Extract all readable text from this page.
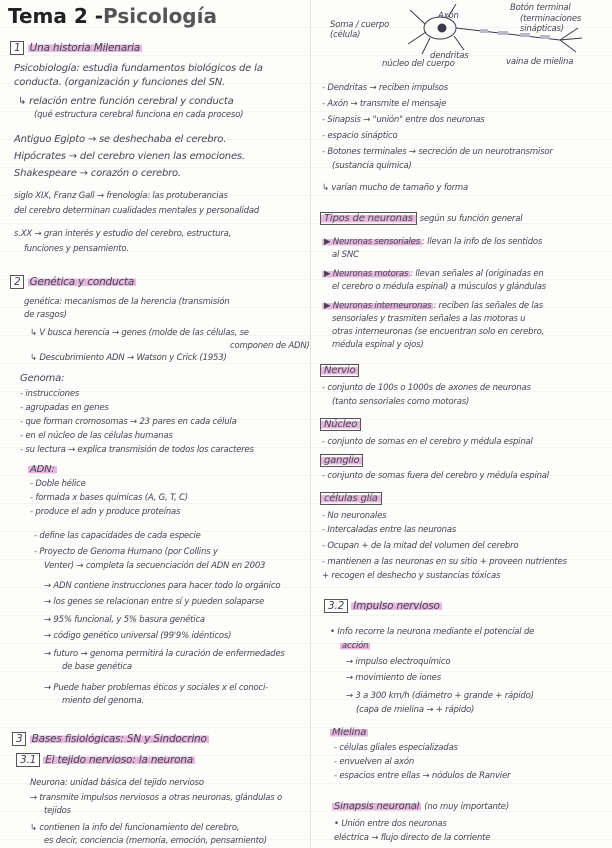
Tema 2 -Psicología
1 Una historia Milenaria
Psicobiología: estudia fundamentos biológicos de la
conducta. (organización y funciones del SN.
↳ relación entre función cerebral y conducta
(qué estructura cerebral funciona en cada proceso)
Antiguo Egipto → se deshechaba el cerebro.
Hipócrates → del cerebro vienen las emociones.
Shakespeare → corazón o cerebro.
siglo XIX, Franz Gall → frenología: las protuberancias
del cerebro determinan cualidades mentales y personalidad
s.XX → gran interés y estudio del cerebro, estructura,
funciones y pensamiento.
2 Genética y conducta
genética: mecanismos de la herencia (transmisión
de rasgos)
↳ V busca herencia → genes (molde de las células, se
componen de ADN)
↳ Descubrimiento ADN → Watson y Crick (1953)
Genoma:
- instrucciones
- agrupadas en genes
- que forman cromosomas → 23 pares en cada célula
- en el núcleo de las células humanas
- su lectura → explica transmisión de todos los caracteres
ADN:
- Doble hélice
- formada x bases químicas (A, G, T, C)
- produce el adn y produce proteínas
- define las capacidades de cada especie
- Proyecto de Genoma Humano (por Collins y
Venter) → completa la secuenciación del ADN en 2003
→ ADN contiene instrucciones para hacer todo lo orgánico
→ los genes se relacionan entre sí y pueden solaparse
→ 95% funcional, y 5% basura genética
→ código genético universal (99'9% idénticos)
→ futuro → genoma permitirá la curación de enfermedades
de base genética
→ Puede haber problemas éticos y sociales x el conoci-
miento del genoma.
3 Bases fisiológicas: SN y Sindocrino
3.1 El tejido nervioso: la neurona
Neurona: unidad básica del tejido nervioso
→ transmite impulsos nerviosos a otras neuronas, glándulas o
tejidos
↳ contienen la info del funcionamiento del cerebro,
es decir, conciencia (memoria, emoción, pensamiento)
Axón
Soma / cuerpo (célula)
Botón terminal
(terminaciones sinápticas)
dendritas
núcleo del cuerpo	vaina de mielina
- Dendritas → reciben impulsos
- Axón → transmite el mensaje
- Sinapsis → "unión" entre dos neuronas
- espacio sináptico
- Botones terminales → secreción de un neurotransmisor
(sustancia química)
↳ varían mucho de tamaño y forma
Tipos de neuronas según su función general
▶ Neuronas sensoriales : llevan la info de los sentidos
al SNC
▶ Neuronas motoras : llevan señales al (originadas en
el cerebro o médula espinal) a músculos y glándulas
▶ Neuronas interneuronas : reciben las señales de las
sensoriales y trasmiten señales a las motoras u
otras interneuronas (se encuentran solo en cerebro,
médula espinal y ojos)
Nervio
- conjunto de 100s o 1000s de axones de neuronas
(tanto sensoriales como motoras)
Núcleo
- conjunto de somas en el cerebro y médula espinal
ganglio
- conjunto de somas fuera del cerebro y médula espinal
células glía
- No neuronales
- Intercaladas entre las neuronas
- Ocupan + de la mitad del volumen del cerebro
- mantienen a las neuronas en su sitio + proveen nutrientes
+ recogen el deshecho y sustancias tóxicas
3.2 Impulso nervioso
• Info recorre la neurona mediante el potencial de
acción
→ impulso electroquímico
→ movimiento de iones
→ 3 a 300 km/h (diámetro + grande + rápido)
(capa de mielina → + rápido)
Mielina
- células gliales especializadas
- envuelven al axón
- espacios entre ellas → nódulos de Ranvier
Sinapsis neuronal (no muy importante)
• Unión entre dos neuronas
eléctrica → flujo directo de la corriente
